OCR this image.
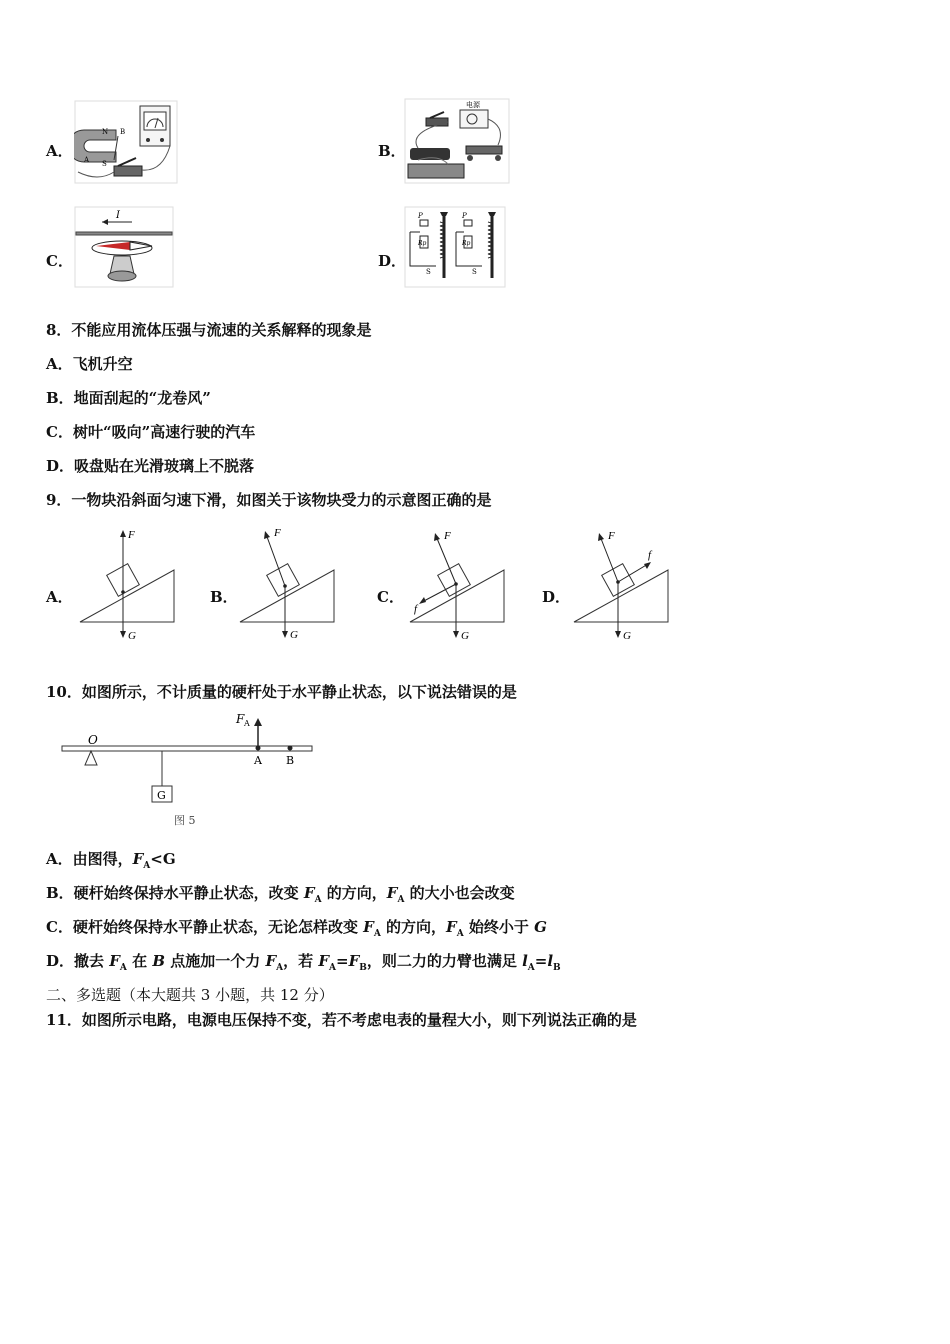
A．
N
S
A
B
B．
电源
C．
I
D．
P
Rp
S
P
Rp
S
8．不能应用流体压强与流速的关系解释的现象是
A．飞机升空
B．地面刮起的“龙卷风”
C．树叶“吸向”高速行驶的汽车
D．吸盘贴在光滑玻璃上不脱落
9．一物块沿斜面匀速下滑，如图关于该物块受力的示意图正确的是
A．
F
G
B．
F
G
C．
F
G
f
D．
F
G
f
10．如图所示，不计质量的硬杆处于水平静止状态，以下说法错误的是
O
G
F A
A B
图 5
A．由图得，$F_A<G$
B．硬杆始终保持水平静止状态，改变 $F_A$ 的方向，$F_A$ 的大小也会改变
C．硬杆始终保持水平静止状态，无论怎样改变 $F_A$ 的方向，$F_A$ 始终小于 G
D．撤去 $F_A$ 在 B 点施加一个力 $F_A$，若 $F_A=F_B$，则二力的力臂也满足 $l_A=l_B$
二、多选题（本大题共 3 小题，共 12 分）
11．如图所示电路，电源电压保持不变，若不考虑电表的量程大小，则下列说法正确的是
